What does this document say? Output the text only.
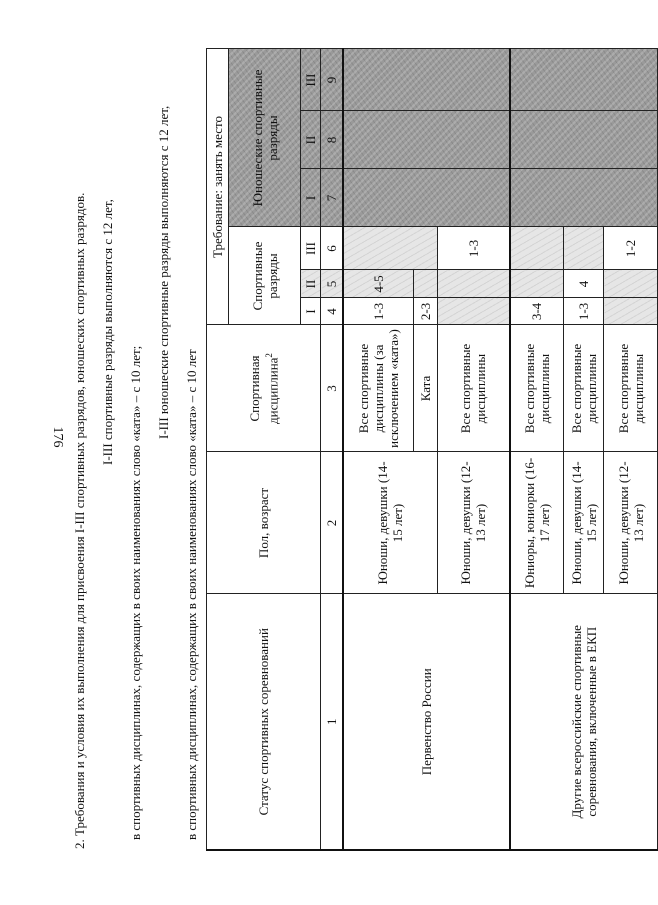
176 2. Требования и условия их выполнения для присвоения I-III спортивных разрядов, юношеских спортивных разрядов. I-III спортивные разряды выполняются с 12 лет,
в спортивных дисциплинах, содержащих в своих наименованиях слово «ката» – с 10 лет;
I-III юношеские спортивные разряды выполняются с 12 лет,
в спортивных дисциплинах, содержащих в своих наименованиях слово «ката» – с 10 лет	Статус спортивных соревнований	Пол, возраст	Спортивная дисциплина$^2$	Требование: занять место					
			Спортивные разряды			Юношеские спортивные разряды		
			I	II	III	I	II	III
1	2	3	4	5	6	7	8	9
Первенство России	Юноши, девушки (14-15 лет)	Все спортивные дисциплины (за исключением «ката»)	1-3	4-5				
		Ката	2-3					
	Юноши, девушки (12-13 лет)	Все спортивные дисциплины			1-3			
Другие всероссийские спортивные соревнования, включенные в ЕКП	Юниоры, юниорки (16-17 лет)	Все спортивные дисциплины	3-4					
	Юноши, девушки (14-15 лет)	Все спортивные дисциплины	1-3	4				
	Юноши, девушки (12-13 лет)	Все спортивные дисциплины			1-2			
